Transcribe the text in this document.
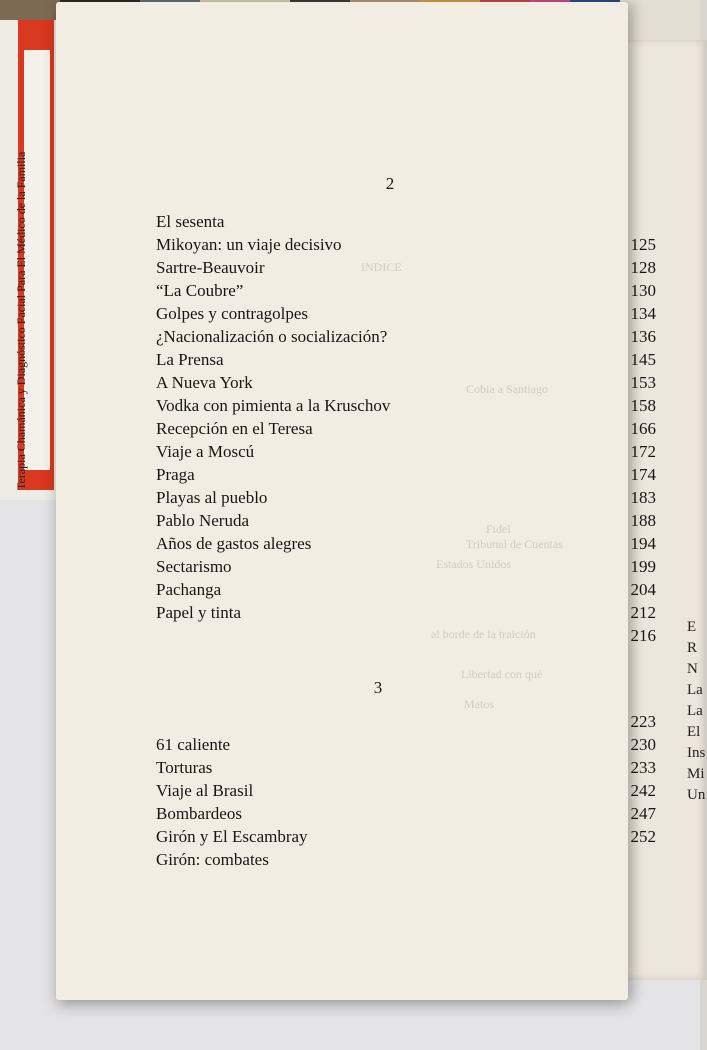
Terapia Chamánica y Diagnóstico Facial Para El Médico de la Familia
E
R
N
La
La
El
Ins
Mi
Un
INDICE
Cobia a Santiago
Fidel
Tribunal de Cuentas
Estados Unidos
al borde de la traición
Libertad con qué
Matos
2
El sesenta
Mikoyan: un viaje decisivo	125
Sartre-Beauvoir	128
“La Coubre”	130
Golpes y contragolpes	134
¿Nacionalización o socialización?	136
La Prensa	145
A Nueva York	153
Vodka con pimienta a la Kruschov	158
Recepción en el Teresa	166
Viaje a Moscú	172
Praga	174
Playas al pueblo	183
Pablo Neruda	188
Años de gastos alegres	194
Sectarismo	199
Pachanga	204
Papel y tinta	212
216
3
223
61 caliente	230
Torturas	233
Viaje al Brasil	242
Bombardeos	247
Girón y El Escambray	252
Girón: combates
